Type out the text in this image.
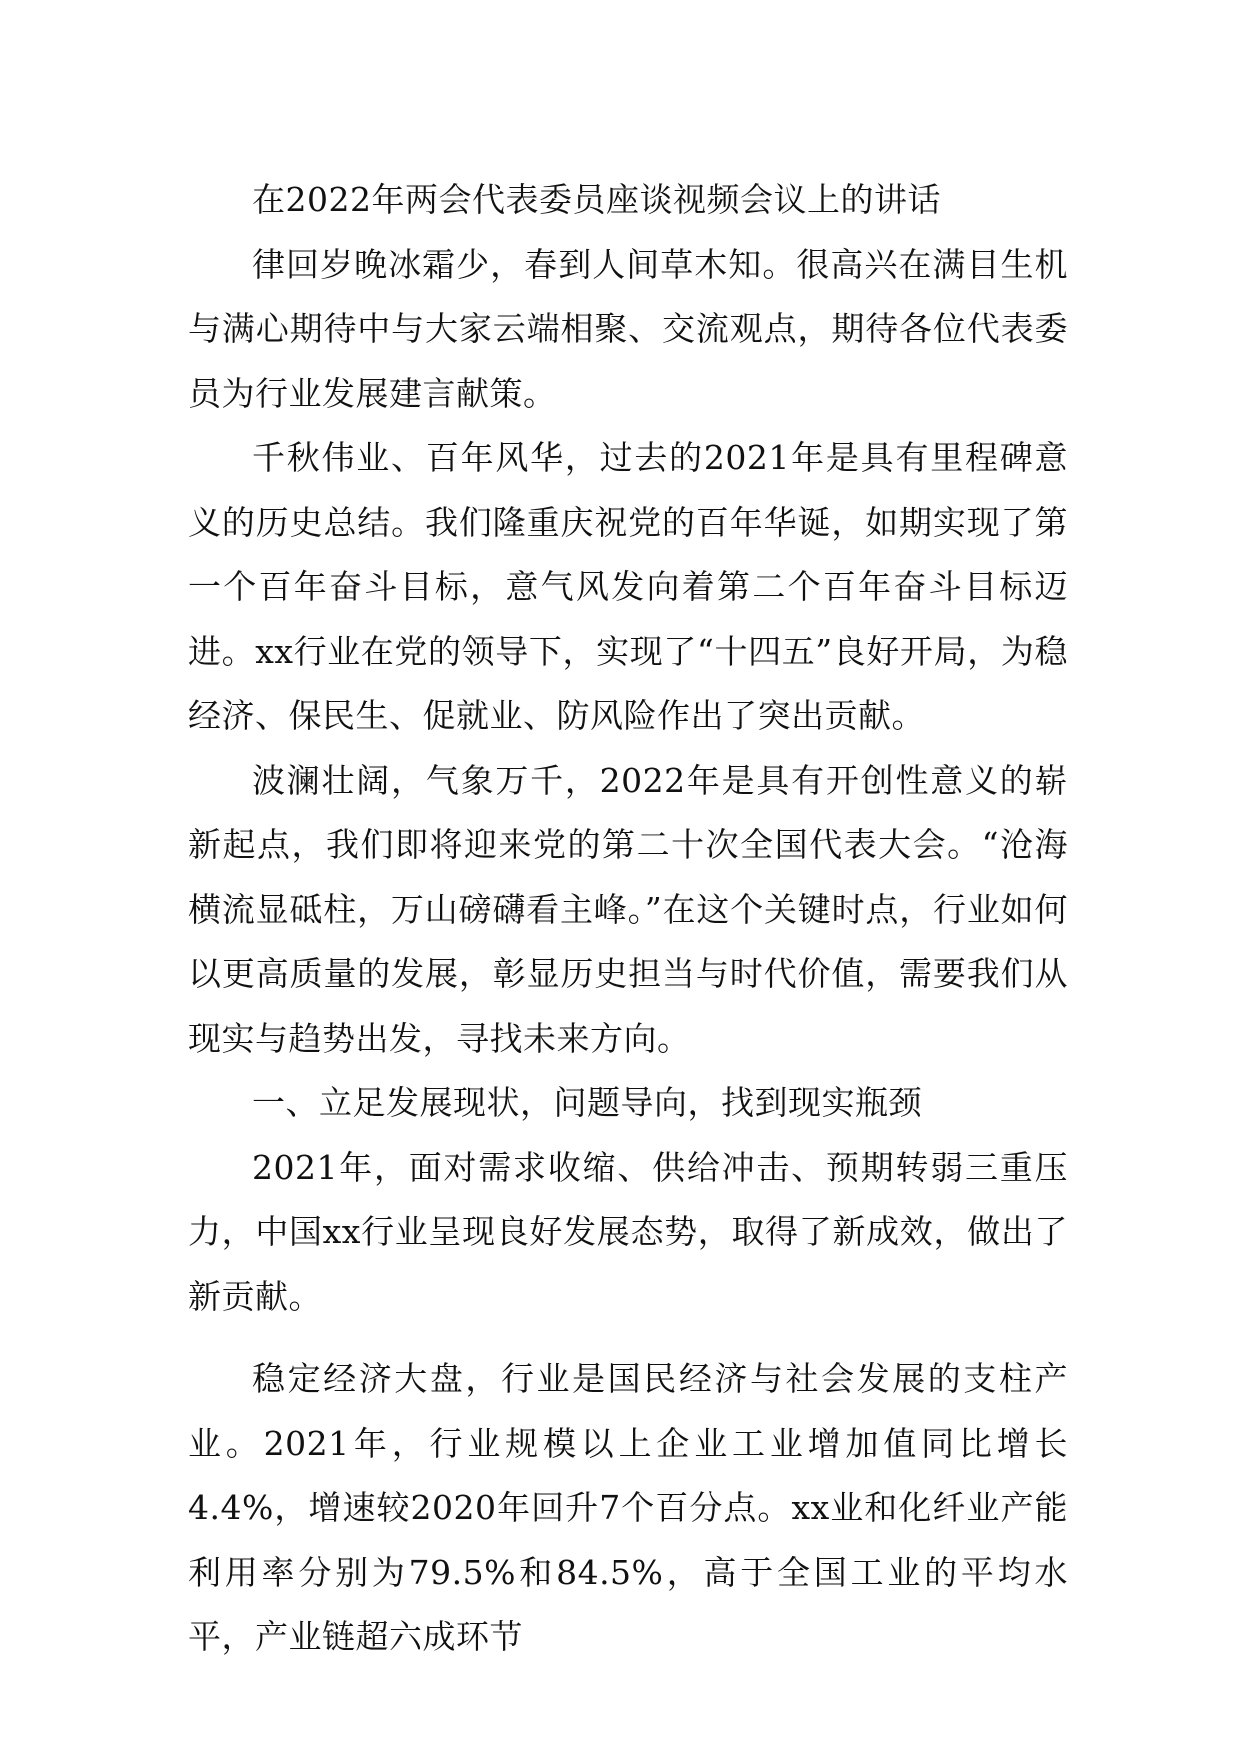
在2022年两会代表委员座谈视频会议上的讲话

律回岁晚冰霜少，春到人间草木知。很高兴在满目生机与满心期待中与大家云端相聚、交流观点，期待各位代表委员为行业发展建言献策。

千秋伟业、百年风华，过去的2021年是具有里程碑意义的历史总结。我们隆重庆祝党的百年华诞，如期实现了第一个百年奋斗目标，意气风发向着第二个百年奋斗目标迈进。xx行业在党的领导下，实现了“十四五”良好开局，为稳经济、保民生、促就业、防风险作出了突出贡献。

波澜壮阔，气象万千，2022年是具有开创性意义的崭新起点，我们即将迎来党的第二十次全国代表大会。“沧海横流显砥柱，万山磅礴看主峰。”在这个关键时点，行业如何以更高质量的发展，彰显历史担当与时代价值，需要我们从现实与趋势出发，寻找未来方向。

一、立足发展现状，问题导向，找到现实瓶颈

2021年，面对需求收缩、供给冲击、预期转弱三重压力，中国xx行业呈现良好发展态势，取得了新成效，做出了新贡献。

稳定经济大盘，行业是国民经济与社会发展的支柱产业。2021年，行业规模以上企业工业增加值同比增长4.4%，增速较2020年回升7个百分点。xx业和化纤业产能利用率分别为79.5%和84.5%，高于全国工业的平均水平，产业链超六成环节
